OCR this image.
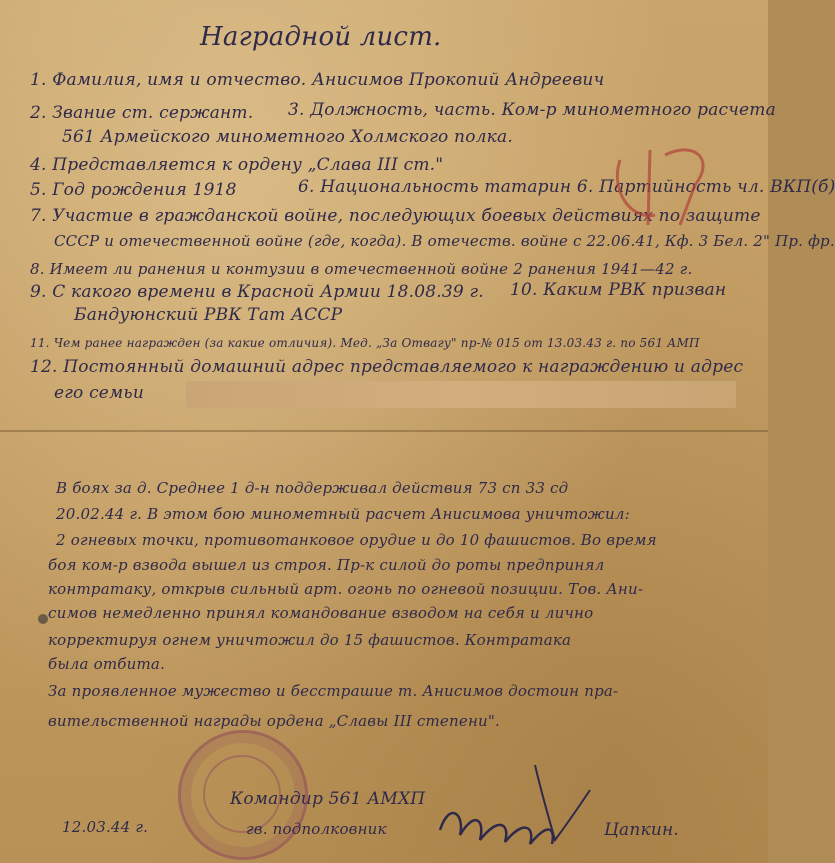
Наградной лист.
1. Фамилия, имя и отчество. Анисимов Прокопий Андреевич
2. Звание ст. сержант. 3. Должность, часть. Ком-р минометного расчета
561 Армейского минометного Холмского полка.
4. Представляется к ордену „Слава III ст."
5. Год рождения 1918	6. Национальность татарин 6. Партийность чл. ВКП(б)
7. Участие в гражданской войне, последующих боевых действиях по защите
СССР и отечественной войне (где, когда). В отечеств. войне с 22.06.41, Кф. 3 Бел. 2" Пр. фр.
8. Имеет ли ранения и контузии в отечественной войне 2 ранения 1941—42 г.
9. С какого времени в Красной Армии 18.08.39 г. 10. Каким РВК призван
Бандуюнский РВК Тат АССР
11. Чем ранее награжден (за какие отличия). Мед. „За Отвагу" пр-№ 015 от 13.03.43 г. по 561 АМП
12. Постоянный домашний адрес представляемого к награждению и адрес
его семьи
В боях за д. Среднее 1 д-н поддерживал действия 73 сп 33 сд
20.02.44 г. В этом бою минометный расчет Анисимова уничтожил:
2 огневых точки, противотанковое орудие и до 10 фашистов. Во время
боя ком-р взвода вышел из строя. Пр-к силой до роты предпринял
контратаку, открыв сильный арт. огонь по огневой позиции. Тов. Ани-
симов немедленно принял командование взводом на себя и лично
корректируя огнем уничтожил до 15 фашистов. Контратака
была отбита.
За проявленное мужество и бесстрашие т. Анисимов достоин пра-
вительственной награды ордена „Славы III степени".
Командир 561 АМХП
гв. подполковник
12.03.44 г.	Цапкин.
